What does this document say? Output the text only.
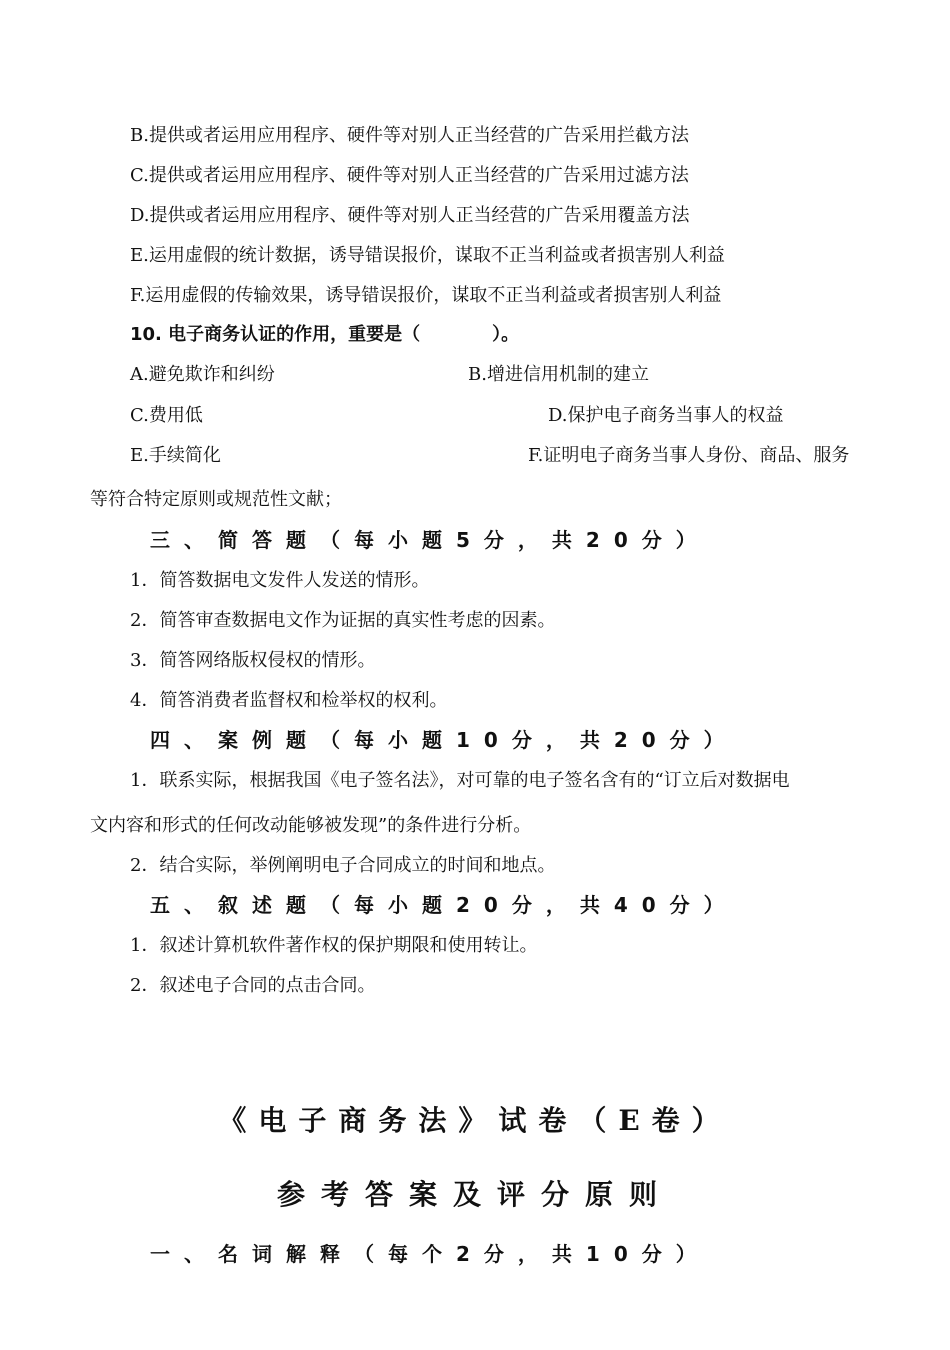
B.提供或者运用应用程序、硬件等对别人正当经营的广告采用拦截方法
C.提供或者运用应用程序、硬件等对别人正当经营的广告采用过滤方法
D.提供或者运用应用程序、硬件等对别人正当经营的广告采用覆盖方法
E.运用虚假的统计数据，诱导错误报价，谋取不正当利益或者损害别人利益
F.运用虚假的传输效果，诱导错误报价，谋取不正当利益或者损害别人利益
10. 电子商务认证的作用，重要是（　　　　）。
A.避免欺诈和纠纷	B.增进信用机制的建立
C.费用低	D.保护电子商务当事人的权益
E.手续简化	F.证明电子商务当事人身份、商品、服务
等符合特定原则或规范性文献；
三、简答题（每小题5分，共20分）
1．简答数据电文发件人发送的情形。
2．简答审查数据电文作为证据的真实性考虑的因素。
3．简答网络版权侵权的情形。
4．简答消费者监督权和检举权的权利。
四、案例题（每小题10分，共20分）
1．联系实际，根据我国《电子签名法》，对可靠的电子签名含有的“订立后对数据电
文内容和形式的任何改动能够被发现”的条件进行分析。
2．结合实际，举例阐明电子合同成立的时间和地点。
五、叙述题（每小题20分，共40分）
1．叙述计算机软件著作权的保护期限和使用转让。
2．叙述电子合同的点击合同。
《电子商务法》试卷（E卷）
参考答案及评分原则
一、名词解释（每个2分，共10分）
